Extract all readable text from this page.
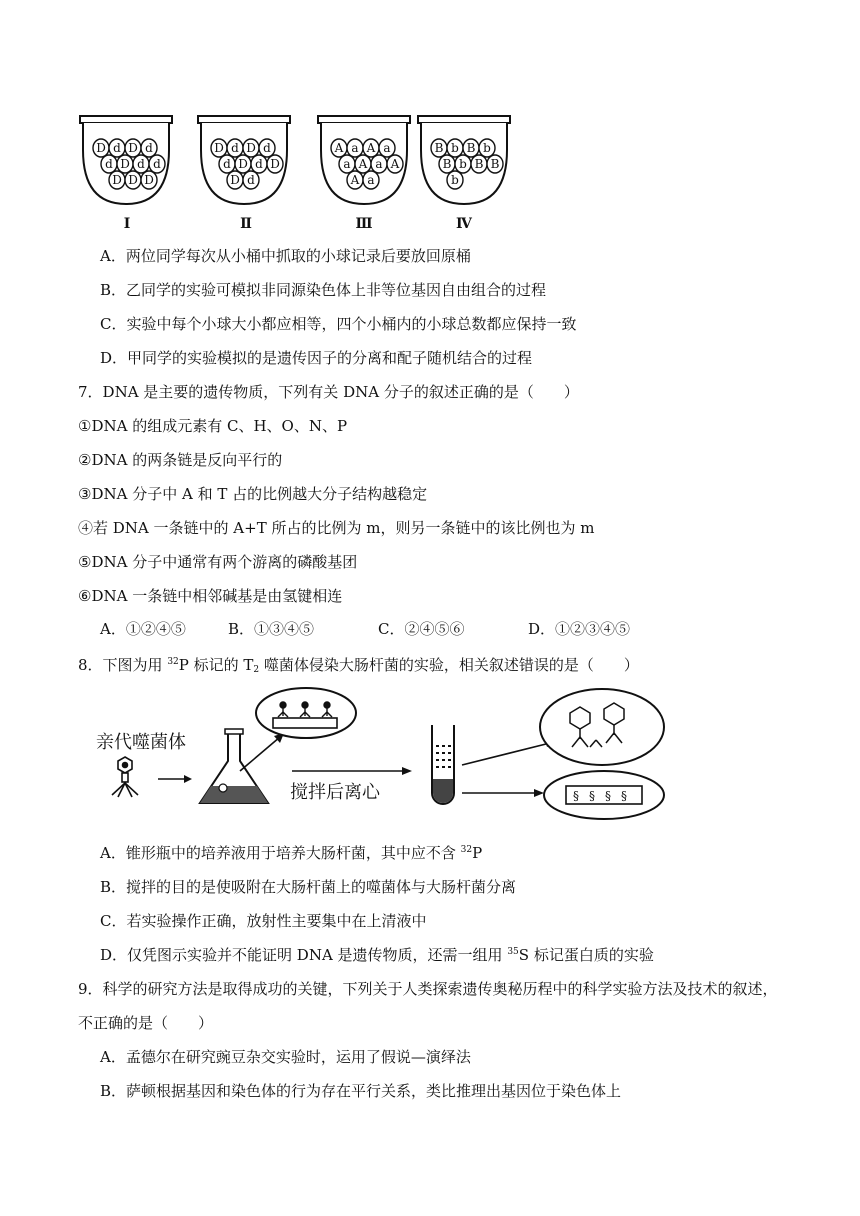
D d D d
d D d d
D D D
I
D d D d
d D d D
D d
Ⅱ
A a A a
a A a A
A a
Ⅲ
B b B b
B b B B
b
Ⅳ
A．两位同学每次从小桶中抓取的小球记录后要放回原桶
B．乙同学的实验可模拟非同源染色体上非等位基因自由组合的过程
C．实验中每个小球大小都应相等，四个小桶内的小球总数都应保持一致
D．甲同学的实验模拟的是遗传因子的分离和配子随机结合的过程
7．DNA 是主要的遗传物质，下列有关 DNA 分子的叙述正确的是（　　）
①DNA 的组成元素有 C、H、O、N、P
②DNA 的两条链是反向平行的
③DNA 分子中 A 和 T 占的比例越大分子结构越稳定
④若 DNA 一条链中的 A+T 所占的比例为 m，则另一条链中的该比例也为 m
⑤DNA 分子中通常有两个游离的磷酸基团
⑥DNA 一条链中相邻碱基是由氢键相连
A．①②④⑤	B．①③④⑤	C．②④⑤⑥	D．①②③④⑤
8．下图为用 $^{32}$P 标记的 $T_2$ 噬菌体侵染大肠杆菌的实验，相关叙述错误的是（　　）
亲代噬菌体
搅拌后离心	§ § § §
A．锥形瓶中的培养液用于培养大肠杆菌，其中应不含 $^{32}$P
B．搅拌的目的是使吸附在大肠杆菌上的噬菌体与大肠杆菌分离
C．若实验操作正确，放射性主要集中在上清液中
D．仅凭图示实验并不能证明 DNA 是遗传物质，还需一组用 $^{35}$S 标记蛋白质的实验
9．科学的研究方法是取得成功的关键，下列关于人类探索遗传奥秘历程中的科学实验方法及技术的叙述，
不正确的是（　　）
A．孟德尔在研究豌豆杂交实验时，运用了假说—演绎法
B．萨顿根据基因和染色体的行为存在平行关系，类比推理出基因位于染色体上
